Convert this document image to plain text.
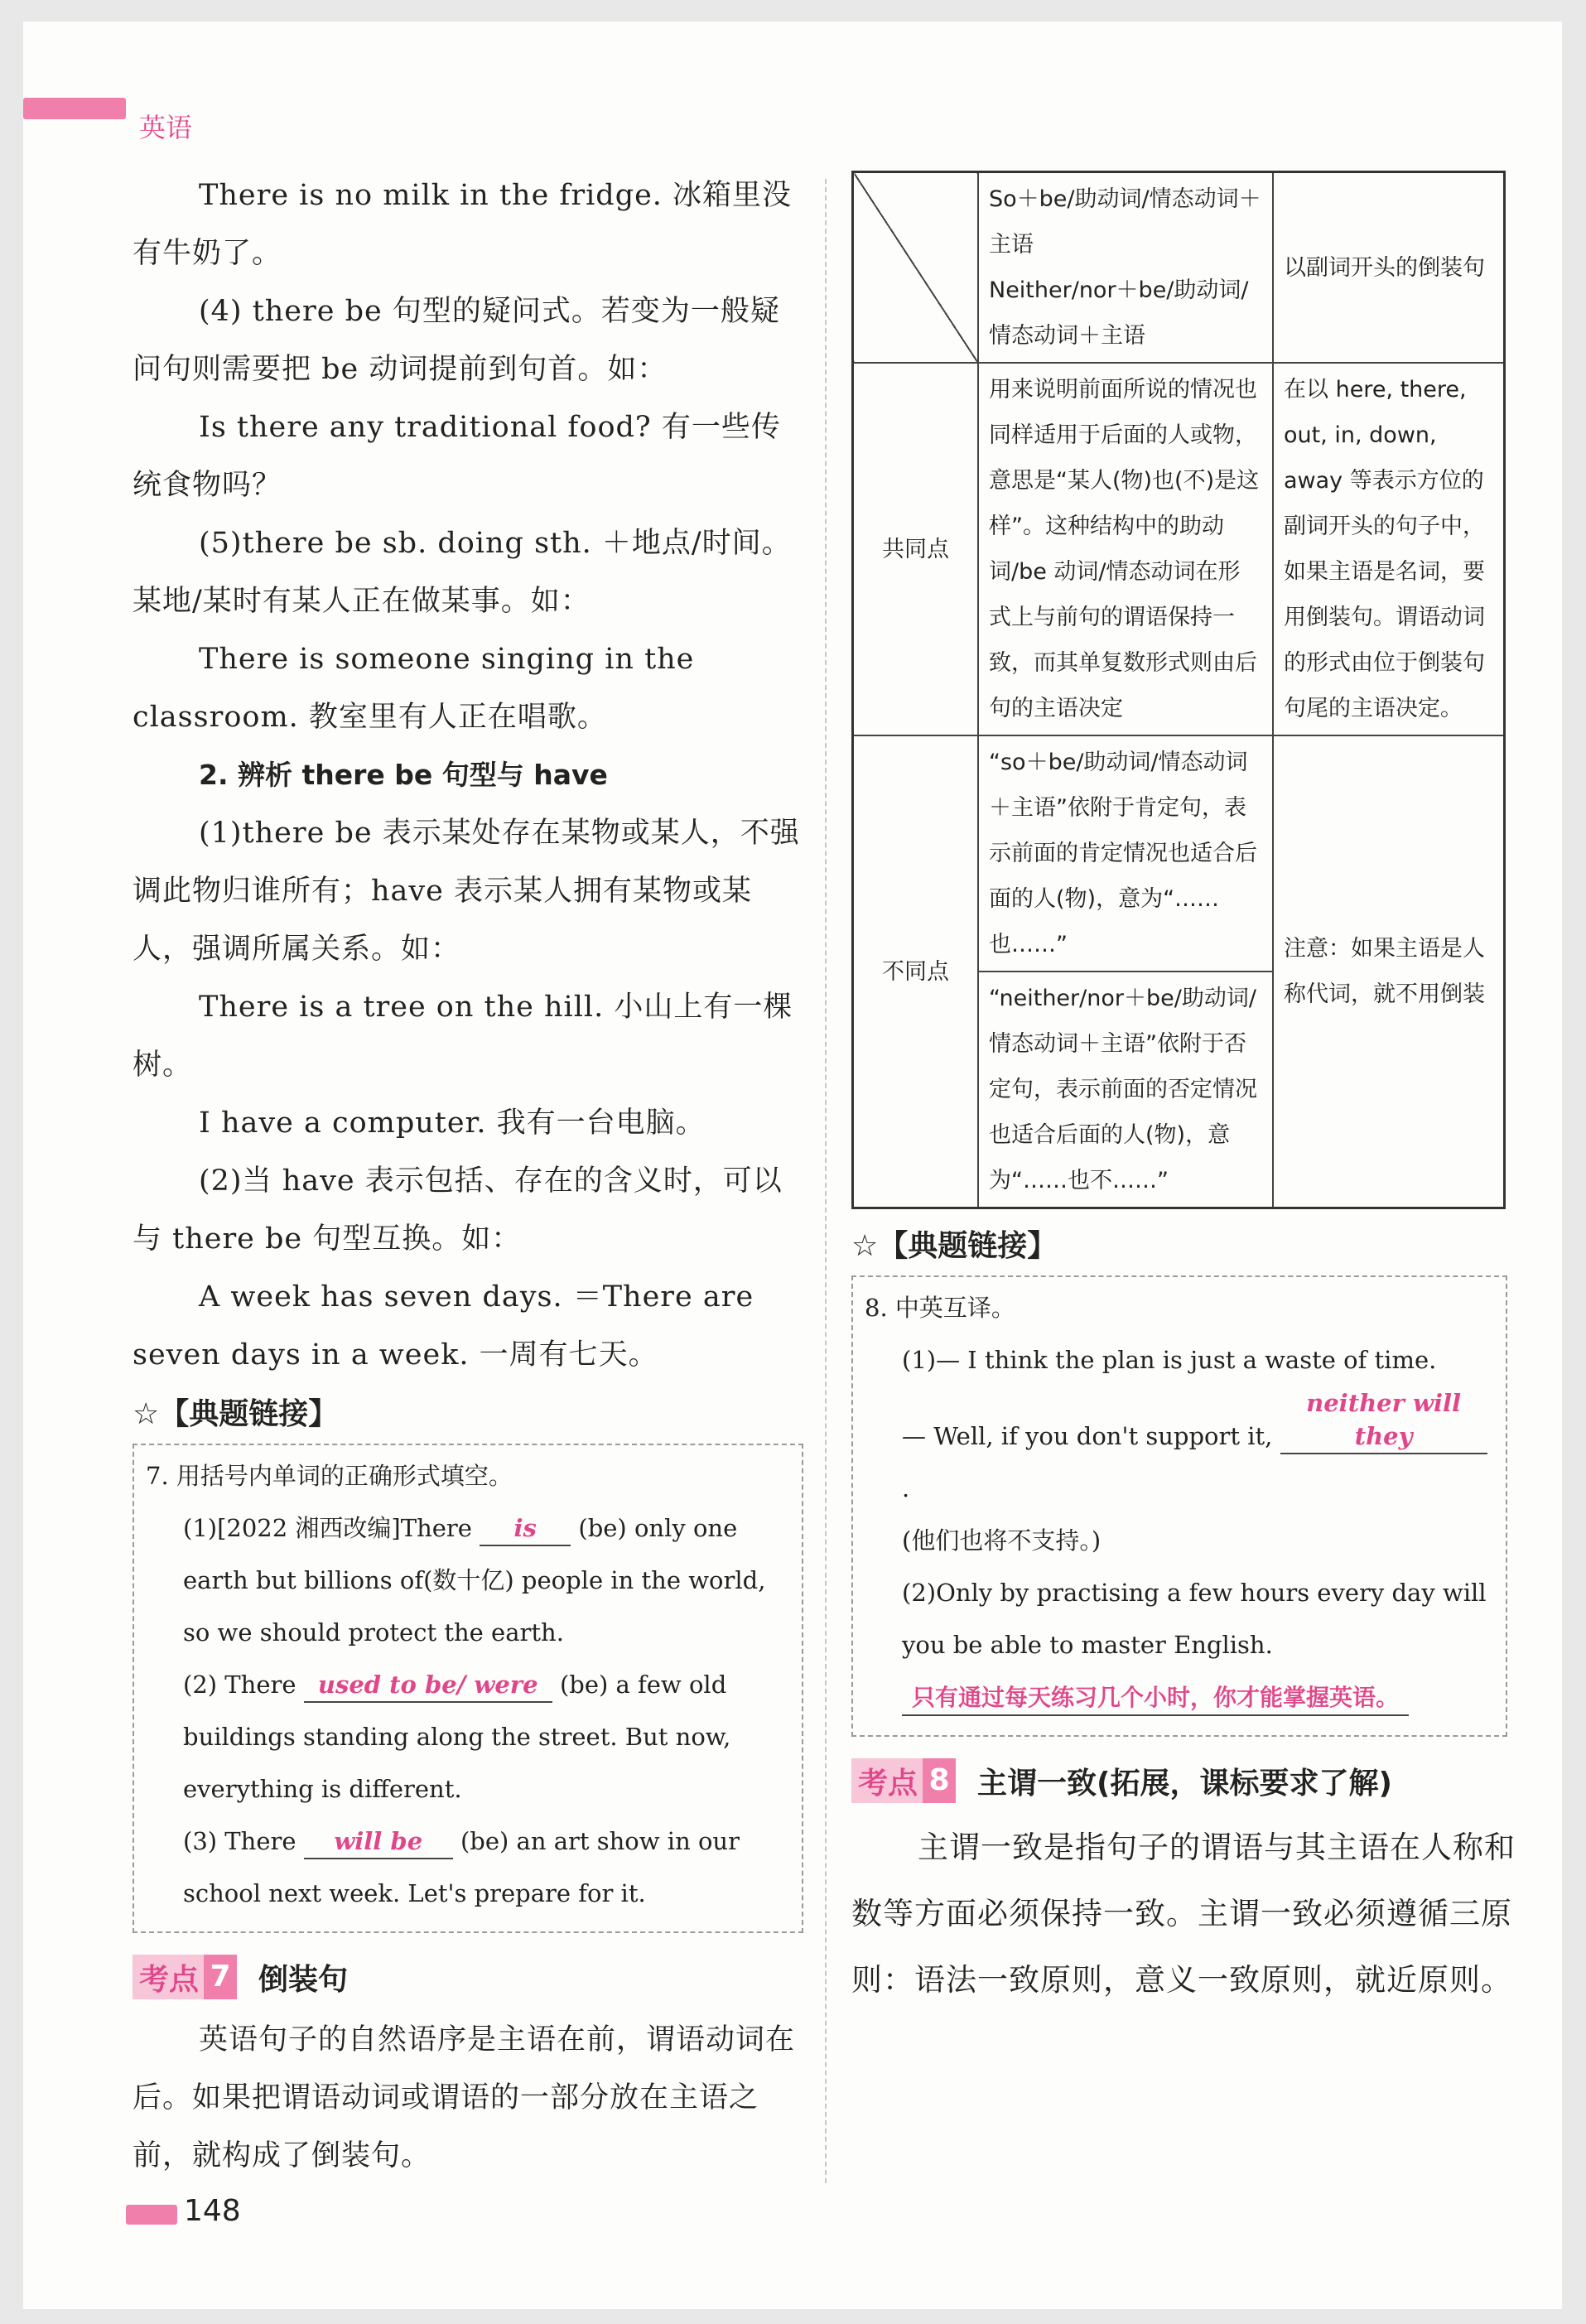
英语

There is no milk in the fridge. 冰箱里没有牛奶了。

(4) there be 句型的疑问式。若变为一般疑问句则需要把 be 动词提前到句首。如：

Is there any traditional food? 有一些传统食物吗？

(5)there be sb. doing sth. ＋地点/时间。某地/某时有某人正在做某事。如：

There is someone singing in the classroom. 教室里有人正在唱歌。

2. 辨析 there be 句型与 have

(1)there be 表示某处存在某物或某人，不强调此物归谁所有；have 表示某人拥有某物或某人，强调所属关系。如：

There is a tree on the hill. 小山上有一棵树。

I have a computer. 我有一台电脑。

(2)当 have 表示包括、存在的含义时，可以与 there be 句型互换。如：

A week has seven days. ＝There are seven days in a week. 一周有七天。

☆【典题链接】

7. 用括号内单词的正确形式填空。

(1)[2022 湘西改编]There is (be) only one

earth but billions of(数十亿) people in the world,

so we should protect the earth.

(2) There used to be/ were (be) a few old

buildings standing along the street. But now,

everything is different.

(3) There will be (be) an art show in our

school next week. Let's prepare for it.

考点 7 倒装句

英语句子的自然语序是主语在前，谓语动词在后。如果把谓语动词或谓语的一部分放在主语之前，就构成了倒装句。

	So＋be/助动词/情态动词＋主语
Neither/nor＋be/助动词/情态动词＋主语	以副词开头的倒装句
共同点	用来说明前面所说的情况也同样适用于后面的人或物，意思是“某人(物)也(不)是这样”。这种结构中的助动词/be 动词/情态动词在形式上与前句的谓语保持一致，而其单复数形式则由后句的主语决定	在以 here, there, out, in, down, away 等表示方位的副词开头的句子中，如果主语是名词，要用倒装句。谓语动词的形式由位于倒装句句尾的主语决定。
不同点	“so＋be/助动词/情态动词＋主语”依附于肯定句，表示前面的肯定情况也适合后面的人(物)，意为“……也……”	注意：如果主语是人称代词，就不用倒装
	“neither/nor＋be/助动词/情态动词＋主语”依附于否定句，表示前面的否定情况也适合后面的人(物)，意为“……也不……”	

☆【典题链接】

8. 中英互译。

(1)— I think the plan is just a waste of time.

— Well, if you don't support it, neither will they.

(他们也将不支持。)

(2)Only by practising a few hours every day will

you be able to master English.

只有通过每天练习几个小时，你才能掌握英语。

考点 8 主谓一致(拓展，课标要求了解)

主谓一致是指句子的谓语与其主语在人称和数等方面必须保持一致。主谓一致必须遵循三原则：语法一致原则，意义一致原则，就近原则。

148
